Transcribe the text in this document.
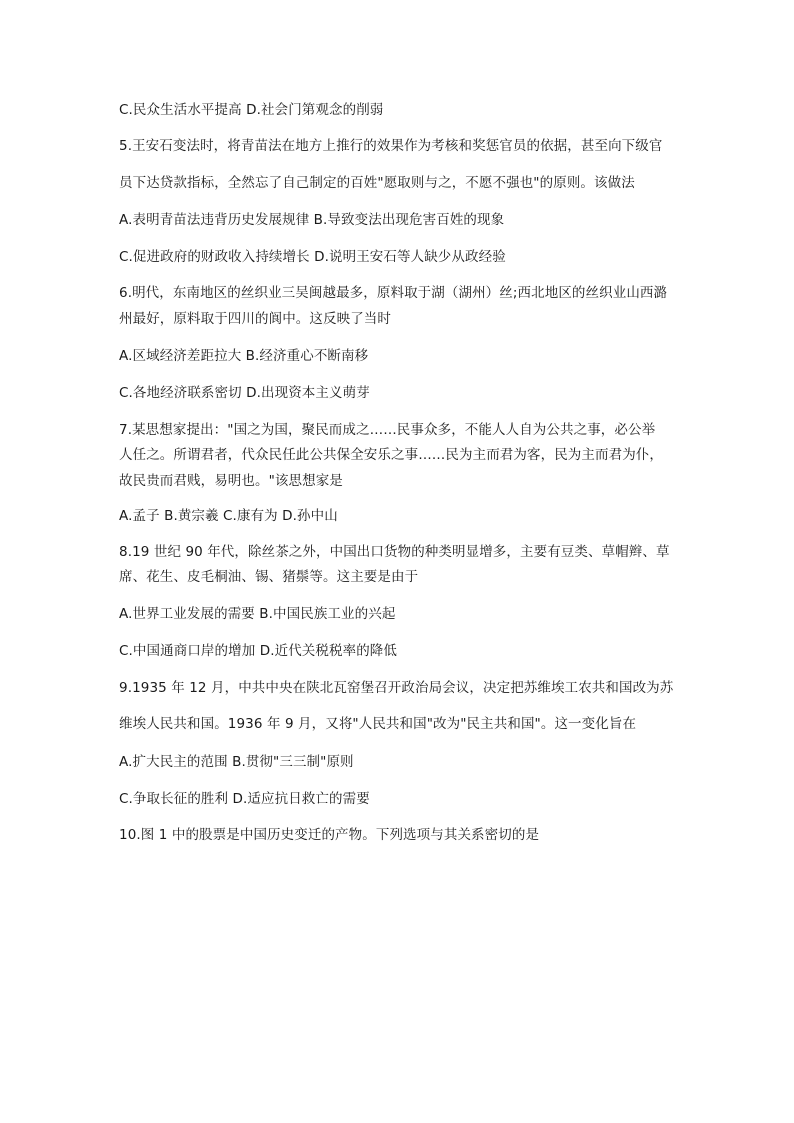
C.民众生活水平提高 D.社会门第观念的削弱
5.王安石变法时，将青苗法在地方上推行的效果作为考核和奖惩官员的依据，甚至向下级官
员下达贷款指标，全然忘了自己制定的百姓"愿取则与之，不愿不强也"的原则。该做法
A.表明青苗法违背历史发展规律 B.导致变法出现危害百姓的现象
C.促进政府的财政收入持续增长 D.说明王安石等人缺少从政经验
6.明代，东南地区的丝织业三吴闽越最多，原料取于湖（湖州）丝;西北地区的丝织业山西潞
州最好，原料取于四川的阆中。这反映了当时
A.区域经济差距拉大 B.经济重心不断南移
C.各地经济联系密切 D.出现资本主义萌芽
7.某思想家提出："国之为国，聚民而成之……民事众多，不能人人自为公共之事，必公举
人任之。所谓君者，代众民任此公共保全安乐之事……民为主而君为客，民为主而君为仆，
故民贵而君贱，易明也。"该思想家是
A.孟子 B.黄宗羲 C.康有为 D.孙中山
8.19 世纪 90 年代，除丝茶之外，中国出口货物的种类明显增多，主要有豆类、草帽辫、草
席、花生、皮毛桐油、锡、猪鬃等。这主要是由于
A.世界工业发展的需要 B.中国民族工业的兴起
C.中国通商口岸的增加 D.近代关税税率的降低
9.1935 年 12 月，中共中央在陕北瓦窑堡召开政治局会议，决定把苏维埃工农共和国改为苏
维埃人民共和国。1936 年 9 月，又将"人民共和国"改为"民主共和国"。这一变化旨在
A.扩大民主的范围 B.贯彻"三三制"原则
C.争取长征的胜利 D.适应抗日救亡的需要
10.图 1 中的股票是中国历史变迁的产物。下列选项与其关系密切的是
